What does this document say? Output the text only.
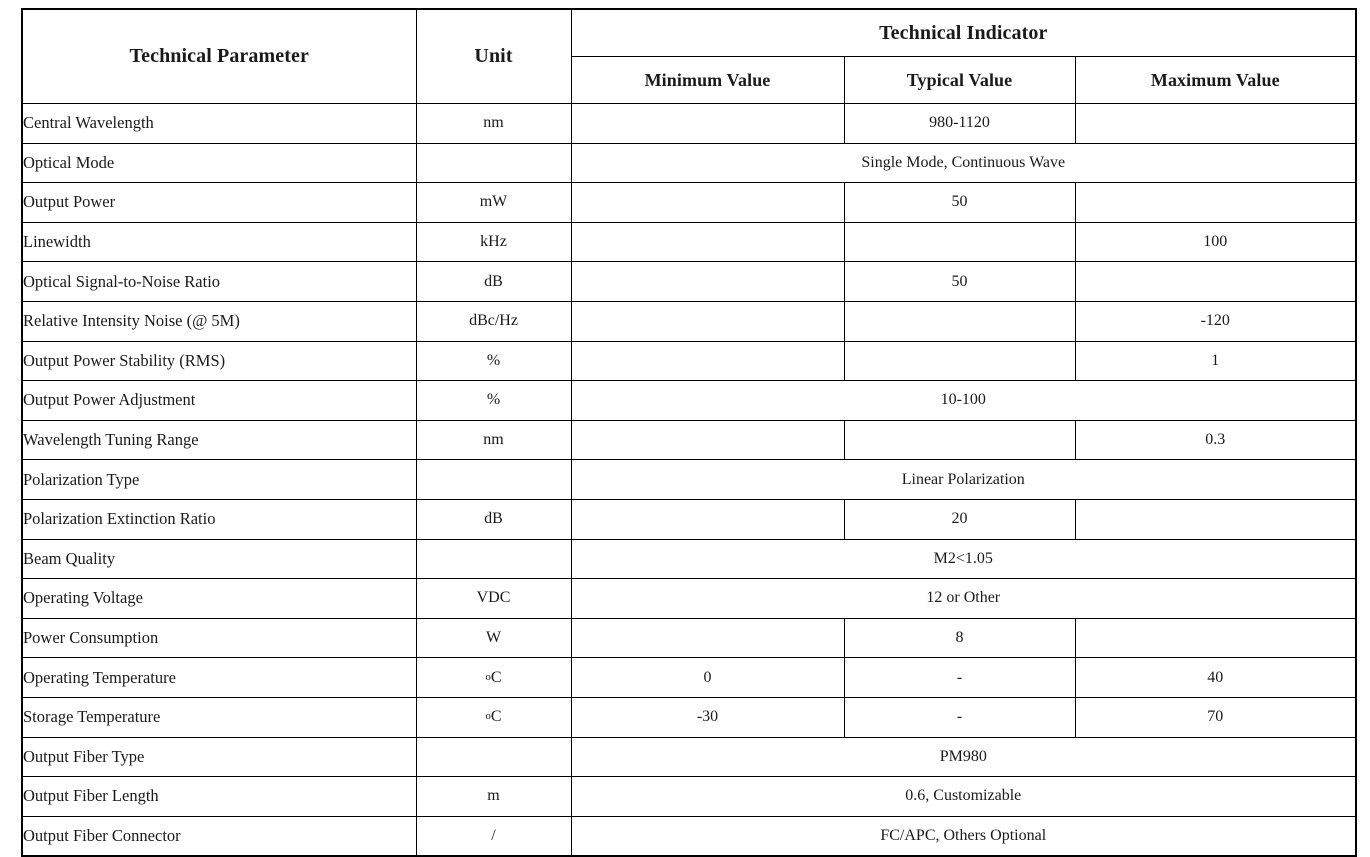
Technical Parameter	Unit	Technical Indicator		
		Minimum Value	Typical Value	Maximum Value
Central Wavelength	nm		980-1120	
Optical Mode		Single Mode, Continuous Wave		
Output Power	mW		50	
Linewidth	kHz			100
Optical Signal-to-Noise Ratio	dB		50	
Relative Intensity Noise (@ 5M)	dBc/Hz			-120
Output Power Stability (RMS)	%			1
Output Power Adjustment	%	10-100		
Wavelength Tuning Range	nm			0.3
Polarization Type		Linear Polarization		
Polarization Extinction Ratio	dB		20	
Beam Quality		M2<1.05		
Operating Voltage	VDC	12 or Other		
Power Consumption	W		8	
Operating Temperature	oC	0	-	40
Storage Temperature	oC	-30	-	70
Output Fiber Type		PM980		
Output Fiber Length	m	0.6, Customizable		
Output Fiber Connector	/	FC/APC, Others Optional		
